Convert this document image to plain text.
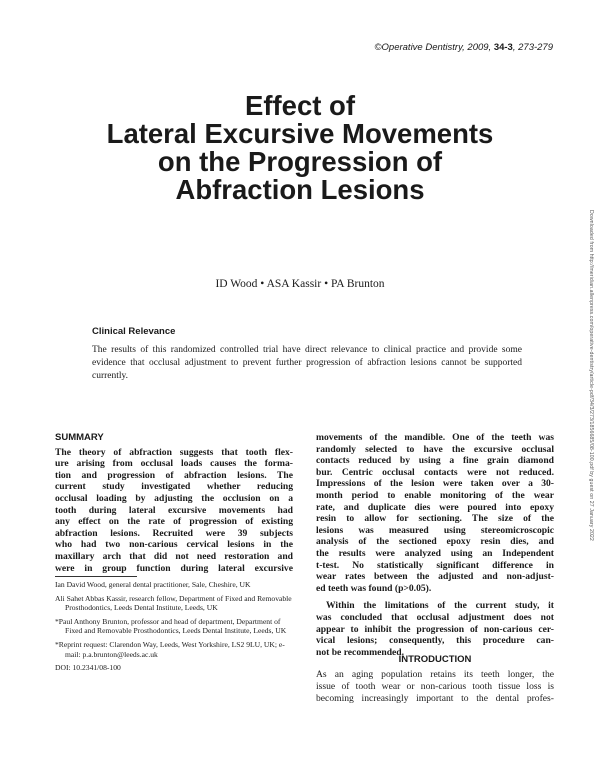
©Operative Dentistry, 2009, 34-3, 273-279
Effect of
Lateral Excursive Movements
on the Progression of
Abfraction Lesions
Downloaded from http://meridian.allenpress.com/operative-dentistry/article-pdf/34/3/273/1856685/08-100.pdf by guest on 27 January 2022
ID Wood • ASA Kassir • PA Brunton
Clinical Relevance
The results of this randomized controlled trial have direct relevance to clinical practice and provide some evidence that occlusal adjustment to prevent further progression of abfraction lesions cannot be supported currently.
SUMMARY
The theory of abfraction suggests that tooth flex-
ure arising from occlusal loads causes the forma-
tion and progression of abfraction lesions. The
current study investigated whether reducing
occlusal loading by adjusting the occlusion on a
tooth during lateral excursive movements had
any effect on the rate of progression of existing
abfraction lesions. Recruited were 39 subjects
who had two non-carious cervical lesions in the
maxillary arch that did not need restoration and
were in group function during lateral excursive
Ian David Wood, general dental practitioner, Sale, Cheshire, UK
Ali Sahet Abbas Kassir, research fellow, Department of Fixed and Removable Prosthodontics, Leeds Dental Institute, Leeds, UK
*Paul Anthony Brunton, professor and head of department, Department of Fixed and Removable Prosthodontics, Leeds Dental Institute, Leeds, UK
*Reprint request: Clarendon Way, Leeds, West Yorkshire, LS2 9LU, UK; e-mail: p.a.brunton@leeds.ac.uk
DOI: 10.2341/08-100
movements of the mandible. One of the teeth was
randomly selected to have the excursive occlusal
contacts reduced by using a fine grain diamond
bur. Centric occlusal contacts were not reduced.
Impressions of the lesion were taken over a 30-
month period to enable monitoring of the wear
rate, and duplicate dies were poured into epoxy
resin to allow for sectioning. The size of the
lesions was measured using stereomicroscopic
analysis of the sectioned epoxy resin dies, and
the results were analyzed using an Independent
t-test. No statistically significant difference in
wear rates between the adjusted and non-adjust-
ed teeth was found (p>0.05).
Within the limitations of the current study, it
was concluded that occlusal adjustment does not
appear to inhibit the progression of non-carious cer-
vical lesions; consequently, this procedure can-
not be recommended.
INTRODUCTION
As an aging population retains its teeth longer, the
issue of tooth wear or non-carious tooth tissue loss is
becoming increasingly important to the dental profes-
